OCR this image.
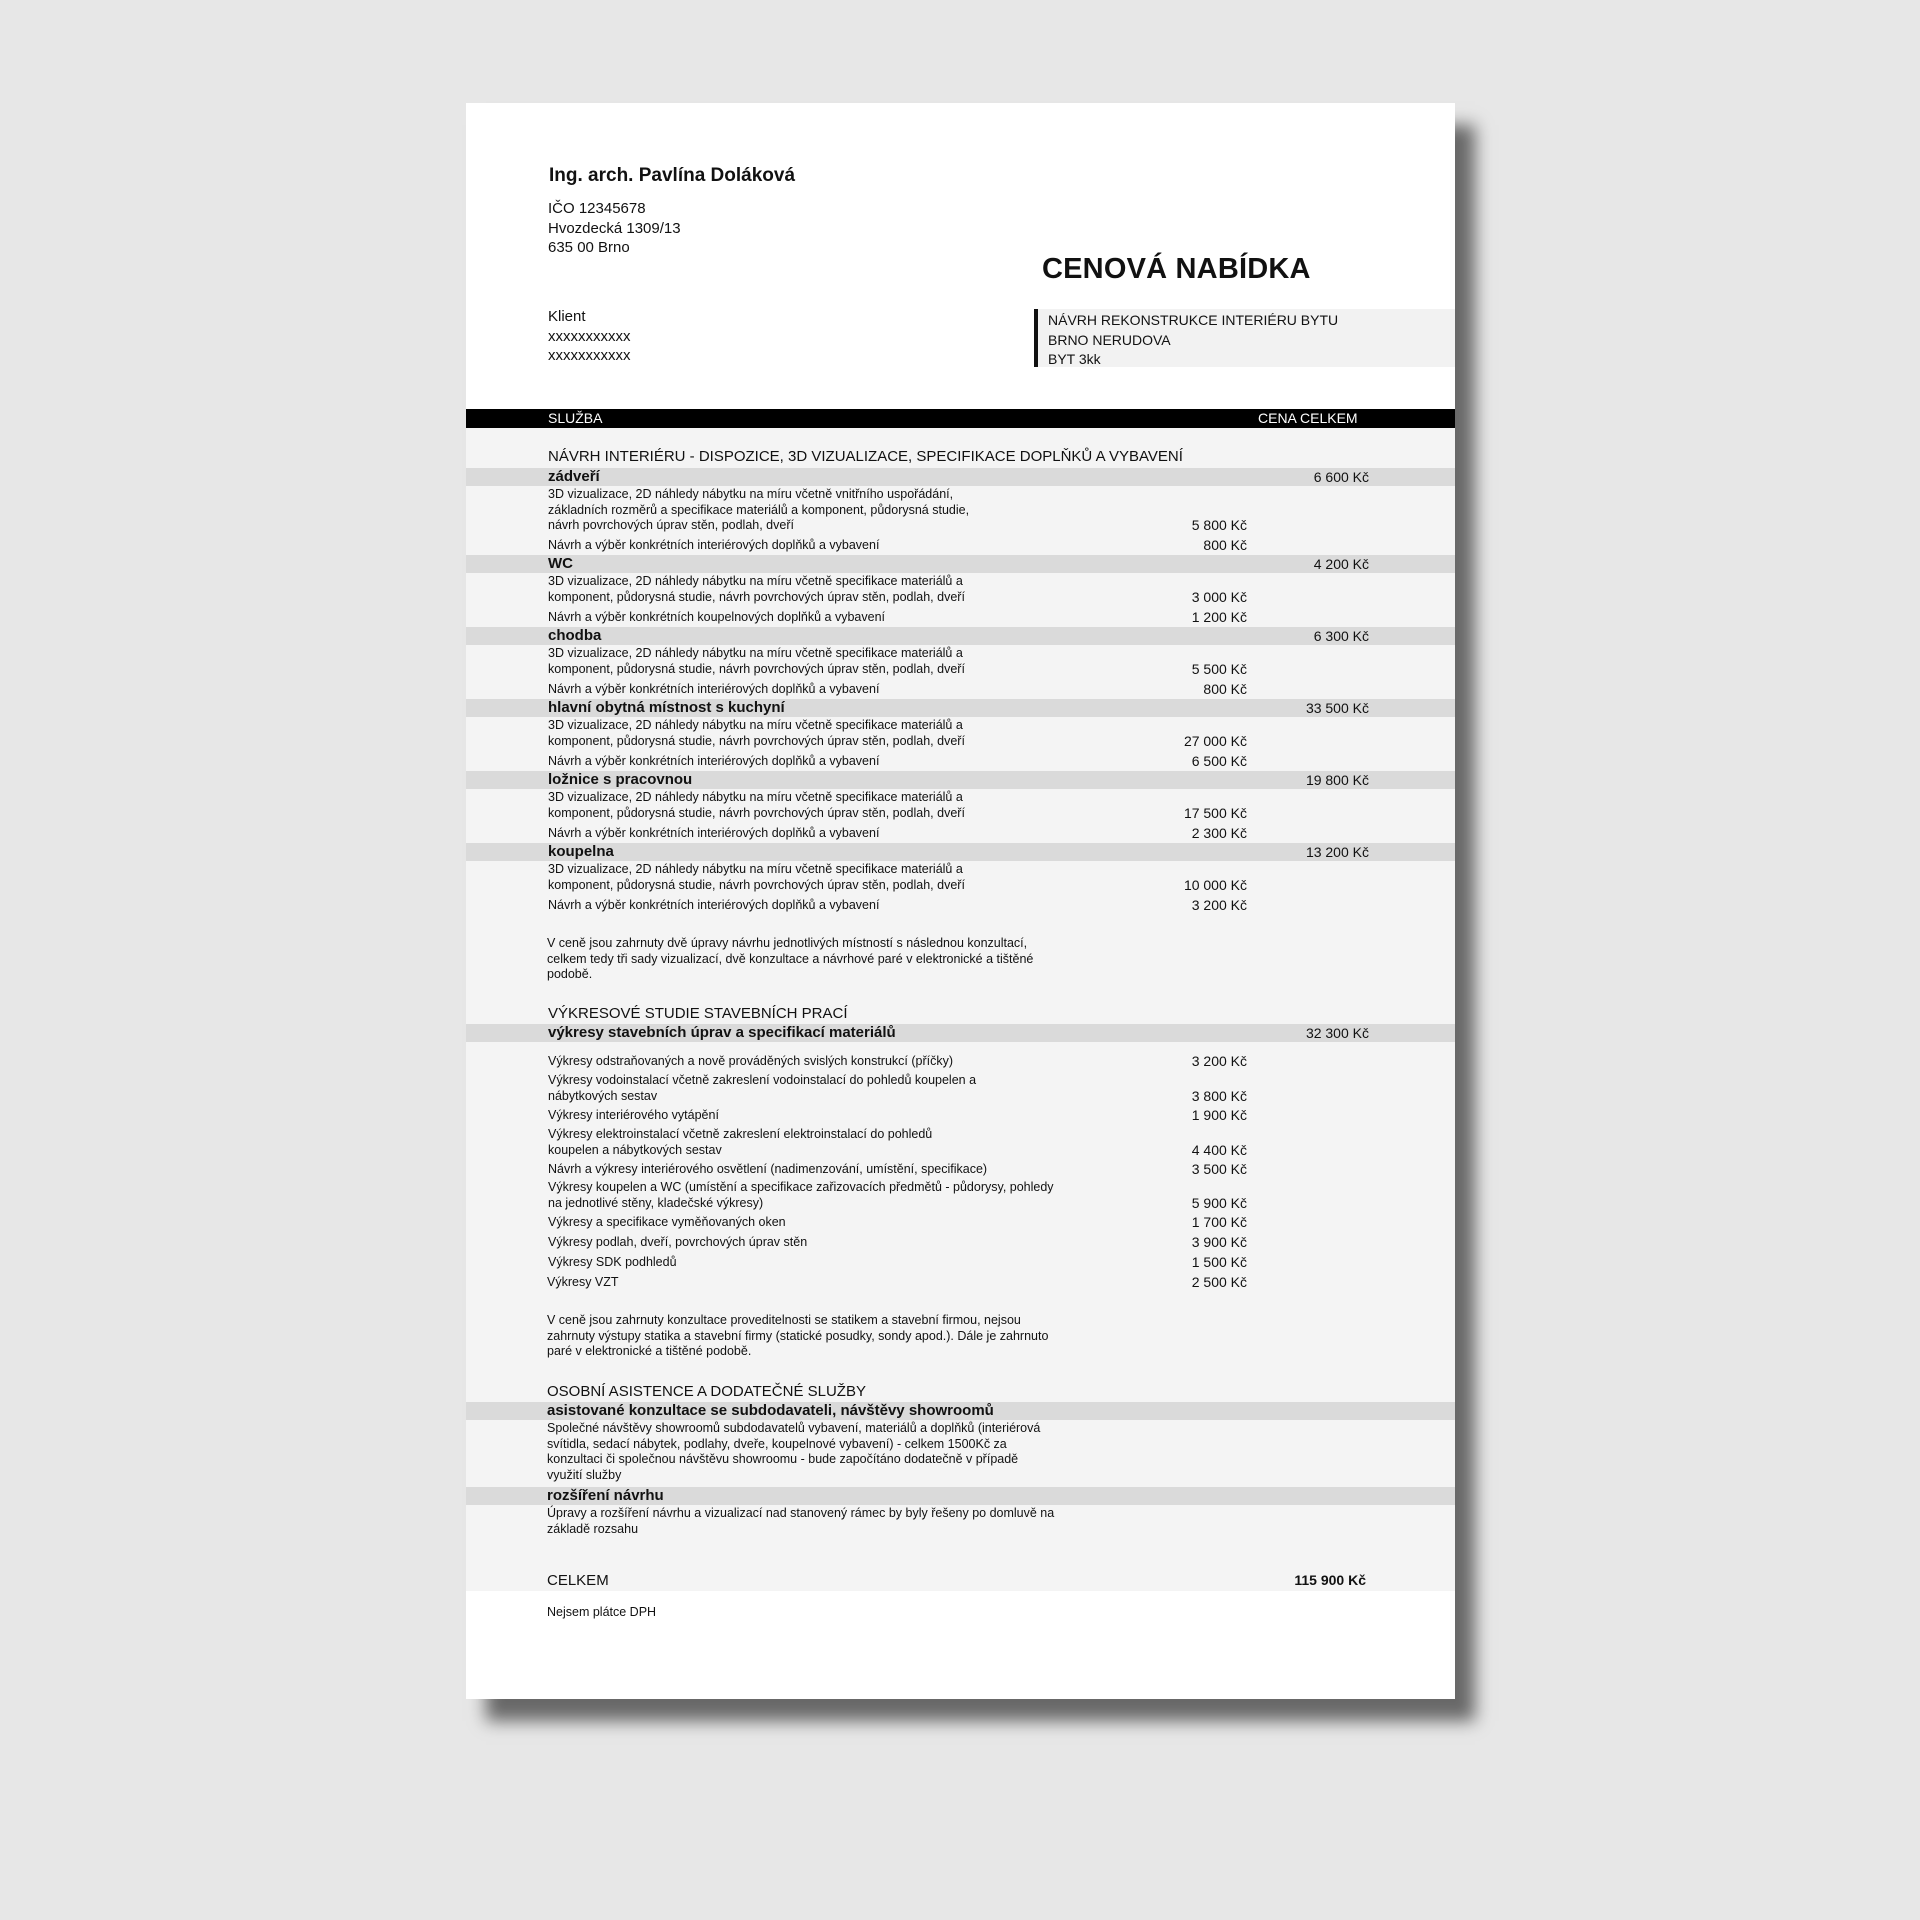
Ing. arch. Pavlína Doláková
IČO 12345678
Hvozdecká 1309/13
635 00 Brno
CENOVÁ NABÍDKA
Klient
xxxxxxxxxxx
xxxxxxxxxxx
NÁVRH REKONSTRUKCE INTERIÉRU BYTU
BRNO NERUDOVA
BYT 3kk
SLUŽBA	CENA CELKEM
NÁVRH INTERIÉRU - DISPOZICE, 3D VIZUALIZACE, SPECIFIKACE DOPLŇKŮ A VYBAVENÍ
zádveří	6 600 Kč
3D vizualizace, 2D náhledy nábytku na míru včetně vnitřního uspořádání,
základních rozměrů a specifikace materiálů a komponent, půdorysná studie,
návrh povrchových úprav stěn, podlah, dveří	5 800 Kč
Návrh a výběr konkrétních interiérových doplňků a vybavení	800 Kč
WC	4 200 Kč
3D vizualizace, 2D náhledy nábytku na míru včetně specifikace materiálů a
komponent, půdorysná studie, návrh povrchových úprav stěn, podlah, dveří	3 000 Kč
Návrh a výběr konkrétních koupelnových doplňků a vybavení	1 200 Kč
chodba	6 300 Kč
3D vizualizace, 2D náhledy nábytku na míru včetně specifikace materiálů a
komponent, půdorysná studie, návrh povrchových úprav stěn, podlah, dveří	5 500 Kč
Návrh a výběr konkrétních interiérových doplňků a vybavení	800 Kč
hlavní obytná místnost s kuchyní	33 500 Kč
3D vizualizace, 2D náhledy nábytku na míru včetně specifikace materiálů a
komponent, půdorysná studie, návrh povrchových úprav stěn, podlah, dveří	27 000 Kč
Návrh a výběr konkrétních interiérových doplňků a vybavení	6 500 Kč
ložnice s pracovnou	19 800 Kč
3D vizualizace, 2D náhledy nábytku na míru včetně specifikace materiálů a
komponent, půdorysná studie, návrh povrchových úprav stěn, podlah, dveří	17 500 Kč
Návrh a výběr konkrétních interiérových doplňků a vybavení	2 300 Kč
koupelna	13 200 Kč
3D vizualizace, 2D náhledy nábytku na míru včetně specifikace materiálů a
komponent, půdorysná studie, návrh povrchových úprav stěn, podlah, dveří	10 000 Kč
Návrh a výběr konkrétních interiérových doplňků a vybavení	3 200 Kč
V ceně jsou zahrnuty dvě úpravy návrhu jednotlivých místností s následnou konzultací,
celkem tedy tři sady vizualizací, dvě konzultace a návrhové paré v elektronické a tištěné
podobě.
VÝKRESOVÉ STUDIE STAVEBNÍCH PRACÍ
výkresy stavebních úprav a specifikací materiálů	32 300 Kč
Výkresy odstraňovaných a nově prováděných svislých konstrukcí (příčky)	3 200 Kč
Výkresy vodoinstalací včetně zakreslení vodoinstalací do pohledů koupelen a
nábytkových sestav	3 800 Kč
Výkresy interiérového vytápění	1 900 Kč
Výkresy elektroinstalací včetně zakreslení elektroinstalací do pohledů
koupelen a nábytkových sestav	4 400 Kč
Návrh a výkresy interiérového osvětlení (nadimenzování, umístění, specifikace)	3 500 Kč
Výkresy koupelen a WC (umístění a specifikace zařizovacích předmětů - půdorysy, pohledy
na jednotlivé stěny, kladečské výkresy)	5 900 Kč
Výkresy a specifikace vyměňovaných oken	1 700 Kč
Výkresy podlah, dveří, povrchových úprav stěn	3 900 Kč
Výkresy SDK podhledů	1 500 Kč
Výkresy VZT	2 500 Kč
V ceně jsou zahrnuty konzultace proveditelnosti se statikem a stavební firmou, nejsou
zahrnuty výstupy statika a stavební firmy (statické posudky, sondy apod.). Dále je zahrnuto
paré v elektronické a tištěné podobě.
OSOBNÍ ASISTENCE A DODATEČNÉ SLUŽBY
asistované konzultace se subdodavateli, návštěvy showroomů
Společné návštěvy showroomů subdodavatelů vybavení, materiálů a doplňků (interiérová
svítidla, sedací nábytek, podlahy, dveře, koupelnové vybavení) - celkem 1500Kč za
konzultaci či společnou návštěvu showroomu - bude započítáno dodatečně v případě
využití služby
rozšíření návrhu
Úpravy a rozšíření návrhu a vizualizací nad stanovený rámec by byly řešeny po domluvě na
základě rozsahu
CELKEM	115 900 Kč
Nejsem plátce DPH
